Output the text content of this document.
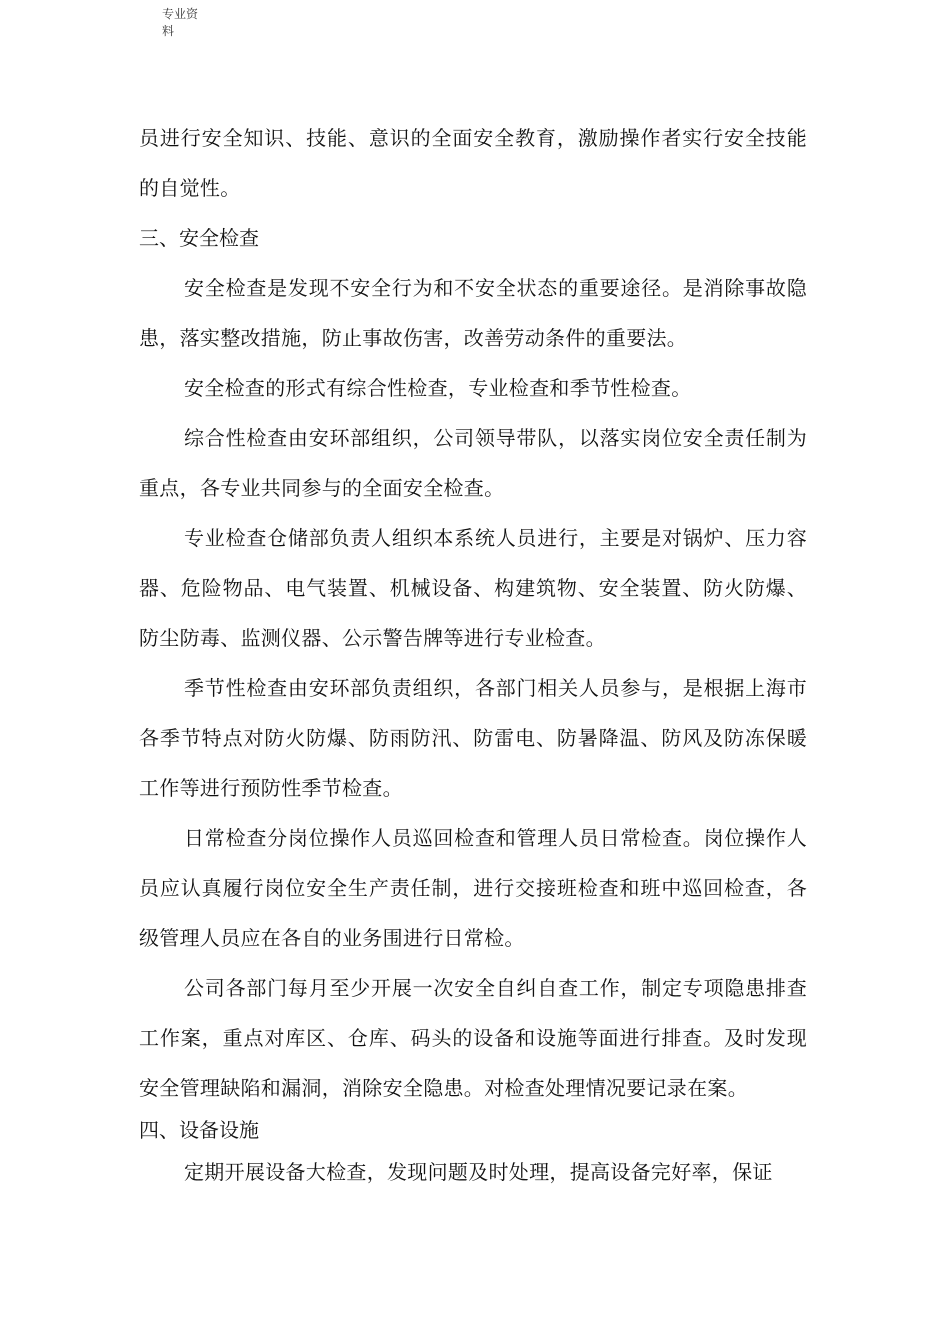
专业资料

员进行安全知识、技能、意识的全面安全教育，激励操作者实行安全技能的自觉性。

三、安全检查

安全检查是发现不安全行为和不安全状态的重要途径。是消除事故隐患，落实整改措施，防止事故伤害，改善劳动条件的重要法。

安全检查的形式有综合性检查，专业检查和季节性检查。

综合性检查由安环部组织，公司领导带队，以落实岗位安全责任制为重点，各专业共同参与的全面安全检查。

专业检查仓储部负责人组织本系统人员进行，主要是对锅炉、压力容器、危险物品、电气装置、机械设备、构建筑物、安全装置、防火防爆、防尘防毒、监测仪器、公示警告牌等进行专业检查。

季节性检查由安环部负责组织，各部门相关人员参与，是根据上海市各季节特点对防火防爆、防雨防汛、防雷电、防暑降温、防风及防冻保暖工作等进行预防性季节检查。

日常检查分岗位操作人员巡回检查和管理人员日常检查。岗位操作人员应认真履行岗位安全生产责任制，进行交接班检查和班中巡回检查，各级管理人员应在各自的业务围进行日常检。

公司各部门每月至少开展一次安全自纠自查工作，制定专项隐患排查工作案，重点对库区、仓库、码头的设备和设施等面进行排查。及时发现安全管理缺陷和漏洞，消除安全隐患。对检查处理情况要记录在案。

四、设备设施

定期开展设备大检查，发现问题及时处理，提高设备完好率，保证
